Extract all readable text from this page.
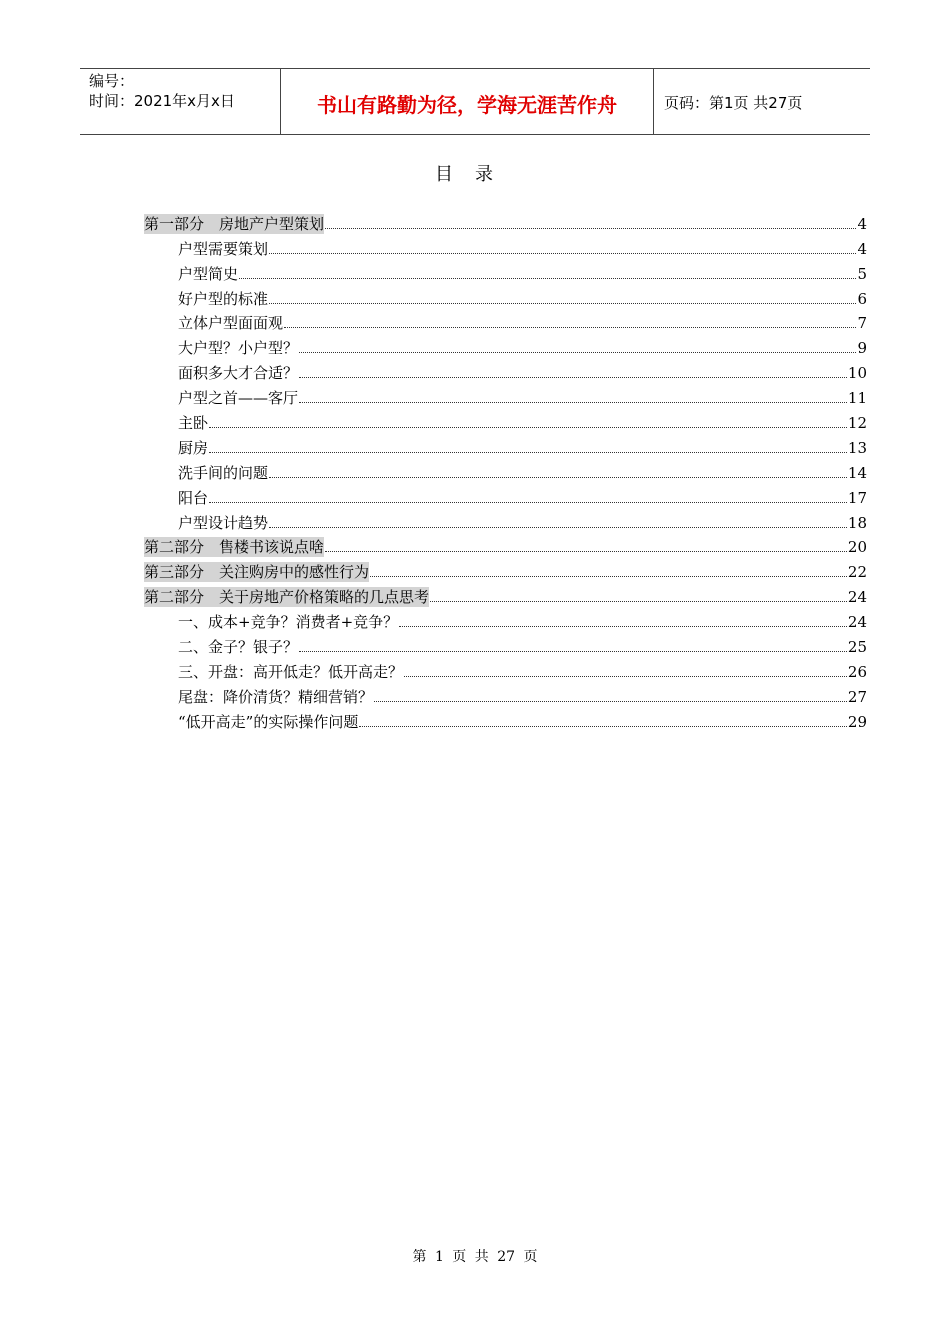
编号：
时间：2021年x月x日	书山有路勤为径，学海无涯苦作舟	页码：第1页 共27页
目录
第一部分　房地产户型策划	4
户型需要策划	4
户型简史	5
好户型的标准	6
立体户型面面观	7
大户型？小户型？	9
面积多大才合适？	10
户型之首——客厅	11
主卧	12
厨房	13
洗手间的问题	14
阳台	17
户型设计趋势	18
第二部分　售楼书该说点啥	20
第三部分　关注购房中的感性行为	22
第二部分　关于房地产价格策略的几点思考	24
一、成本+竞争？消费者+竞争？	24
二、金子？银子？	25
三、开盘：高开低走？低开高走？	26
尾盘：降价清货？精细营销？	27
“低开高走”的实际操作问题	29
第 1 页 共 27 页
